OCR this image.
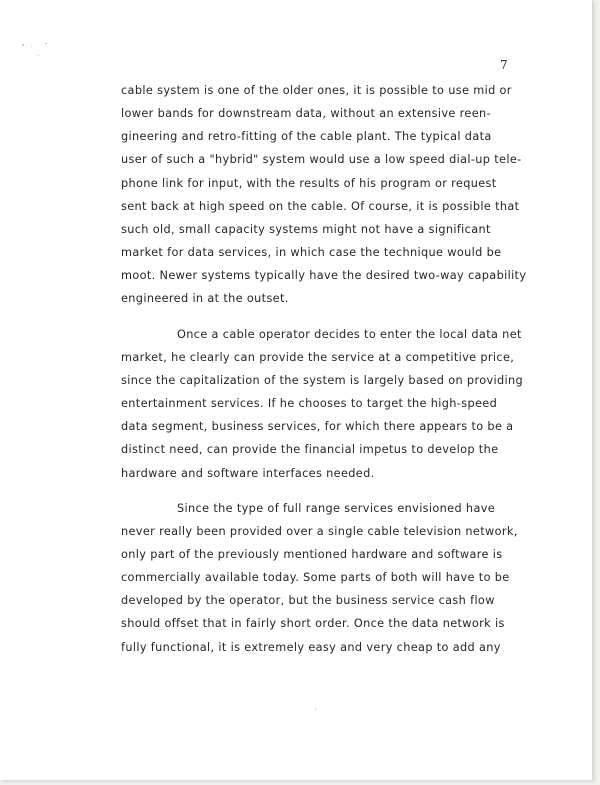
7

cable system is one of the older ones, it is possible to use mid or
lower bands for downstream data, without an extensive reen-
gineering and retro-fitting of the cable plant. The typical data
user of such a "hybrid" system would use a low speed dial-up tele-
phone link for input, with the results of his program or request
sent back at high speed on the cable. Of course, it is possible that
such old, small capacity systems might not have a significant
market for data services, in which case the technique would be
moot. Newer systems typically have the desired two-way capability
engineered in at the outset.

Once a cable operator decides to enter the local data net
market, he clearly can provide the service at a competitive price,
since the capitalization of the system is largely based on providing
entertainment services. If he chooses to target the high-speed
data segment, business services, for which there appears to be a
distinct need, can provide the financial impetus to develop the
hardware and software interfaces needed.

Since the type of full range services envisioned have
never really been provided over a single cable television network,
only part of the previously mentioned hardware and software is
commercially available today. Some parts of both will have to be
developed by the operator, but the business service cash flow
should offset that in fairly short order. Once the data network is
fully functional, it is extremely easy and very cheap to add any
